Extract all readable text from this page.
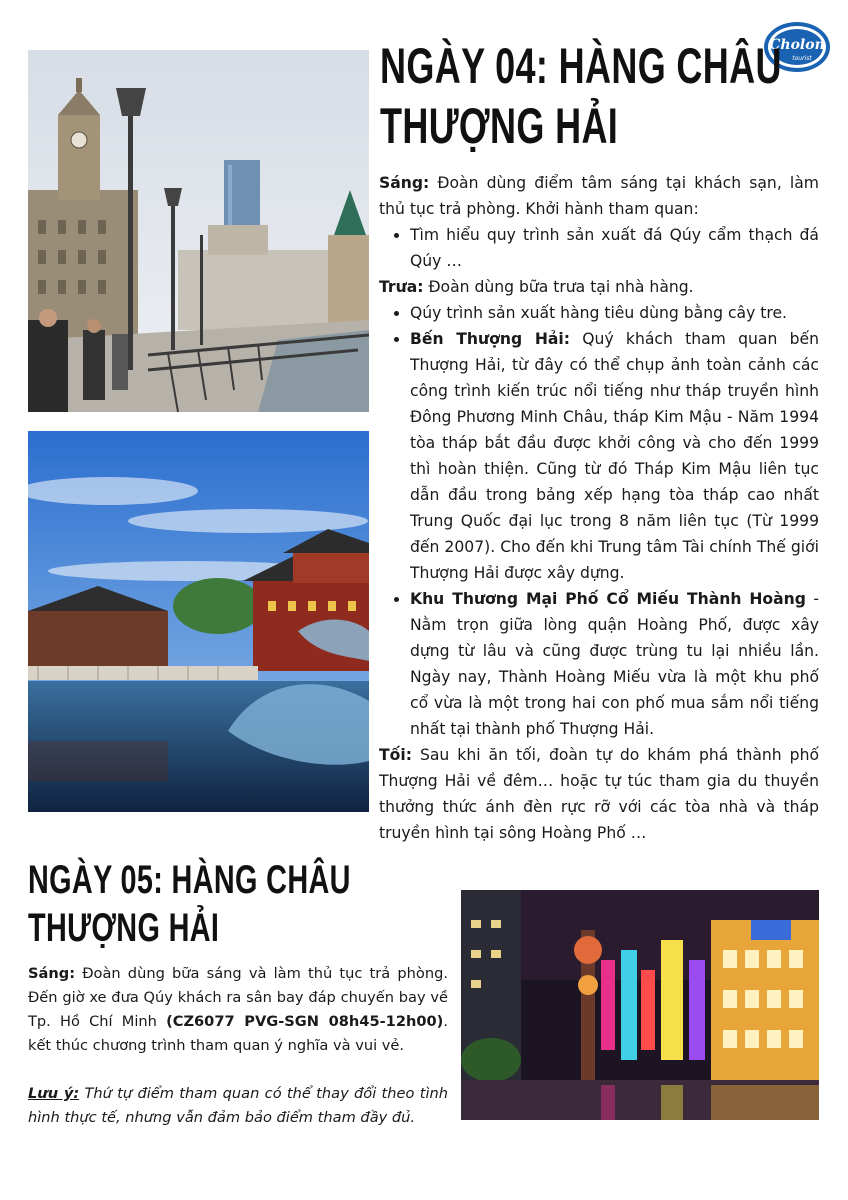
Cholon
tourist
NGÀY 04: HÀNG CHÂU
THƯỢNG HẢI

Sáng: Đoàn dùng điểm tâm sáng tại khách sạn, làm thủ tục trả phòng. Khởi hành tham quan:

• Tìm hiểu quy trình sản xuất đá Qúy cẩm thạch đá Qúy …

Trưa: Đoàn dùng bữa trưa tại nhà hàng.

• Qúy trình sản xuất hàng tiêu dùng bằng cây tre.
• Bến Thượng Hải: Quý khách tham quan bến Thượng Hải, từ đây có thể chụp ảnh toàn cảnh các công trình kiến trúc nổi tiếng như tháp truyền hình Đông Phương Minh Châu, tháp Kim Mậu - Năm 1994 tòa tháp bắt đầu được khởi công và cho đến 1999 thì hoàn thiện. Cũng từ đó Tháp Kim Mậu liên tục dẫn đầu trong bảng xếp hạng tòa tháp cao nhất Trung Quốc đại lục trong 8 năm liên tục (Từ 1999 đến 2007). Cho đến khi Trung tâm Tài chính Thế giới Thượng Hải được xây dựng.
• Khu Thương Mại Phố Cổ Miếu Thành Hoàng - Nằm trọn giữa lòng quận Hoàng Phố, được xây dựng từ lâu và cũng được trùng tu lại nhiều lần. Ngày nay, Thành Hoàng Miếu vừa là một khu phố cổ vừa là một trong hai con phố mua sắm nổi tiếng nhất tại thành phố Thượng Hải.

Tối: Sau khi ăn tối, đoàn tự do khám phá thành phố Thượng Hải về đêm… hoặc tự túc tham gia du thuyền thưởng thức ánh đèn rực rỡ với các tòa nhà và tháp truyền hình tại sông Hoàng Phố …

NGÀY 05: HÀNG CHÂU
THƯỢNG HẢI

Sáng: Đoàn dùng bữa sáng và làm thủ tục trả phòng. Đến giờ xe đưa Qúy khách ra sân bay đáp chuyến bay về Tp. Hồ Chí Minh (CZ6077 PVG-SGN 08h45-12h00). kết thúc chương trình tham quan ý nghĩa và vui vẻ.

Lưu ý: Thứ tự điểm tham quan có thể thay đổi theo tình hình thực tế, nhưng vẫn đảm bảo điểm tham đầy đủ.
